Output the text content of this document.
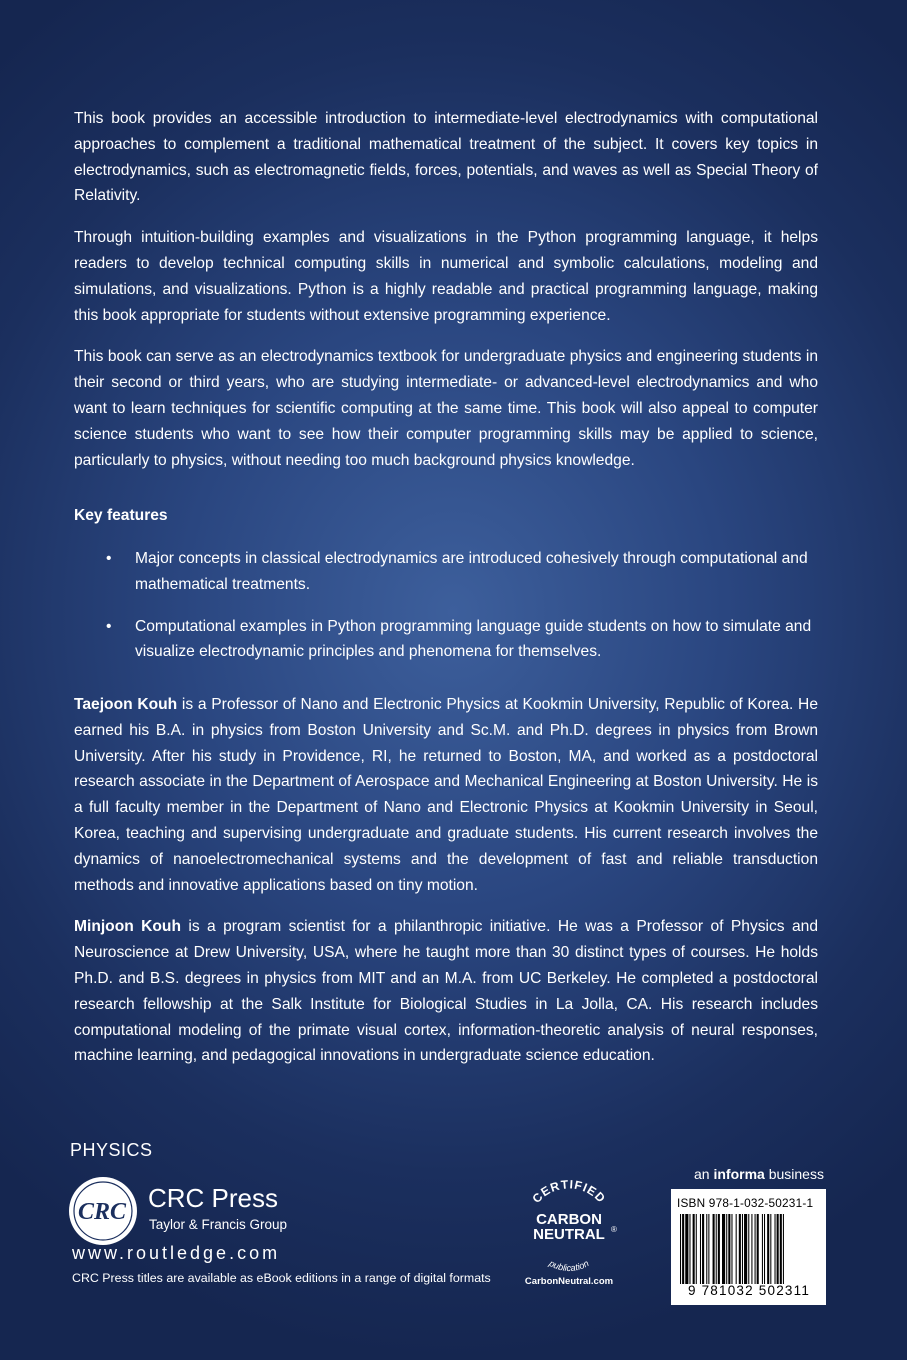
This book provides an accessible introduction to intermediate-level electrodynamics with computational approaches to complement a traditional mathematical treatment of the subject. It covers key topics in electrodynamics, such as electromagnetic fields, forces, potentials, and waves as well as Special Theory of Relativity.

Through intuition-building examples and visualizations in the Python programming language, it helps readers to develop technical computing skills in numerical and symbolic calculations, modeling and simulations, and visualizations. Python is a highly readable and practical programming language, making this book appropriate for students without extensive programming experience.

This book can serve as an electrodynamics textbook for undergraduate physics and engineering students in their second or third years, who are studying intermediate- or advanced-level electrodynamics and who want to learn techniques for scientific computing at the same time. This book will also appeal to computer science students who want to see how their computer programming skills may be applied to science, particularly to physics, without needing too much background physics knowledge.

Key features
• Major concepts in classical electrodynamics are introduced cohesively through computational and mathematical treatments.
• Computational examples in Python programming language guide students on how to simulate and visualize electrodynamic principles and phenomena for themselves.

Taejoon Kouh is a Professor of Nano and Electronic Physics at Kookmin University, Republic of Korea. He earned his B.A. in physics from Boston University and Sc.M. and Ph.D. degrees in physics from Brown University. After his study in Providence, RI, he returned to Boston, MA, and worked as a postdoctoral research associate in the Department of Aerospace and Mechanical Engineering at Boston University. He is a full faculty member in the Department of Nano and Electronic Physics at Kookmin University in Seoul, Korea, teaching and supervising undergraduate and graduate students. His current research involves the dynamics of nanoelectromechanical systems and the development of fast and reliable transduction methods and innovative applications based on tiny motion.

Minjoon Kouh is a program scientist for a philanthropic initiative. He was a Professor of Physics and Neuroscience at Drew University, USA, where he taught more than 30 distinct types of courses. He holds Ph.D. and B.S. degrees in physics from MIT and an M.A. from UC Berkeley. He completed a postdoctoral research fellowship at the Salk Institute for Biological Studies in La Jolla, CA. His research includes computational modeling of the primate visual cortex, information-theoretic analysis of neural responses, machine learning, and pedagogical innovations in undergraduate science education.

PHYSICS
CRC CRC Press
Taylor & Francis Group
www.routledge.com
CRC Press titles are available as eBook editions in a range of digital formats
CERTIFIED
CARBON
NEUTRAL ®
publication
CarbonNeutral.com
an informa business
ISBN 978-1-032-50231-1
9 781032 502311
